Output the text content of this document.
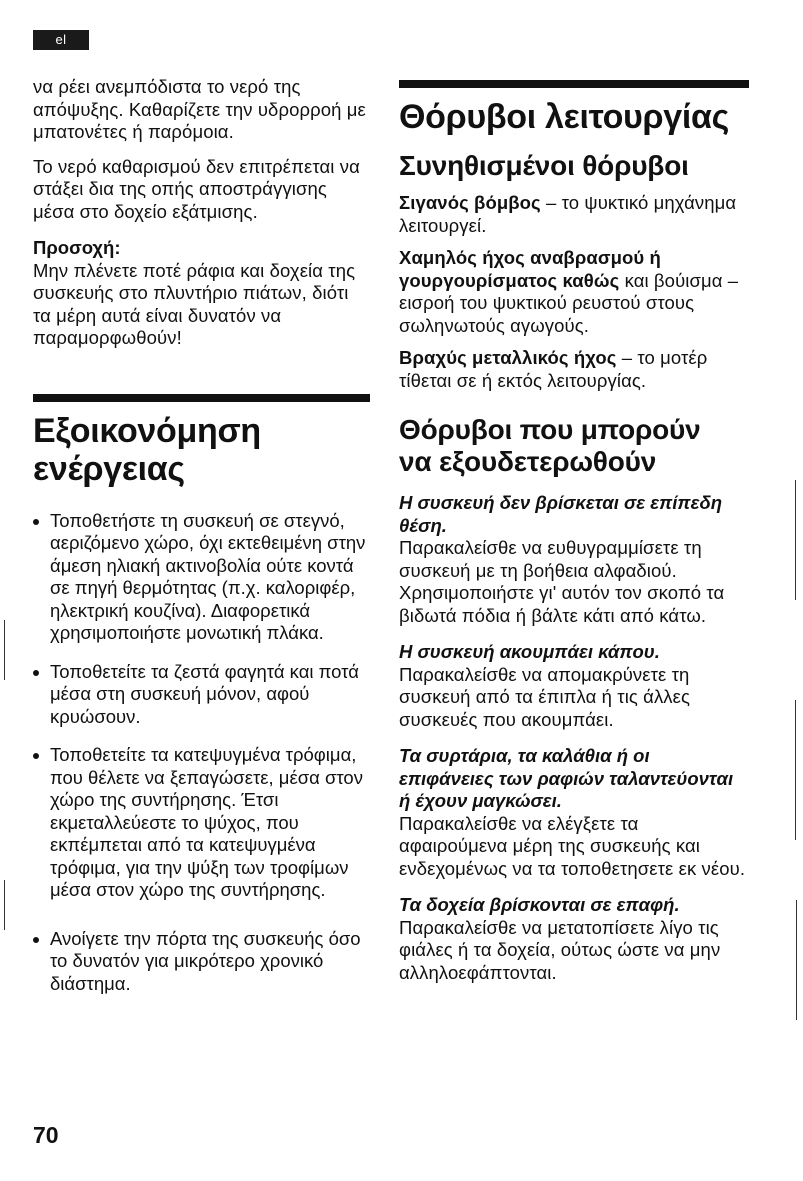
el

να ρέει ανεμπόδιστα το νερό της απόψυξης. Καθαρίζετε την υδρορροή με μπατονέτες ή παρόμοια.

Το νερό καθαρισμού δεν επιτρέπεται να στάξει δια της οπής αποστράγγισης μέσα στο δοχείο εξάτμισης.

Προσοχή:

Μην πλένετε ποτέ ράφια και δοχεία της συσκευής στο πλυντήριο πιάτων, διότι τα μέρη αυτά είναι δυνατόν να παραμορφωθούν!

Εξοικονόμηση
ενέργειας
Τοποθετήστε τη συσκευή σε στεγνό, αεριζόμενο χώρο, όχι εκτεθειμένη στην άμεση ηλιακή ακτινοβολία ούτε κοντά σε πηγή θερμότητας (π.χ. καλοριφέρ, ηλεκτρική κουζίνα). Διαφορετικά χρησιμοποιήστε μονωτική πλάκα.
Τοποθετείτε τα ζεστά φαγητά και ποτά μέσα στη συσκευή μόνον, αφού κρυώσουν.
Τοποθετείτε τα κατεψυγμένα τρόφιμα, που θέλετε να ξεπαγώσετε, μέσα στον χώρο της συντήρησης. Έτσι εκμεταλλεύεστε το ψύχος, που εκπέμπεται από τα κατεψυγμένα τρόφιμα, για την ψύξη των τροφίμων μέσα στον χώρο της συντήρησης.
Ανοίγετε την πόρτα της συσκευής όσο το δυνατόν για μικρότερο χρονικό διάστημα.
Θόρυβοι λειτουργίας
Συνηθισμένοι θόρυβοι

Σιγανός βόμβος – το ψυκτικό μηχάνημα λειτουργεί.

Χαμηλός ήχος αναβρασμού ή γουργουρίσματος καθώς και βούισμα – εισροή του ψυκτικού ρευστού στους σωληνωτούς αγωγούς.

Βραχύς μεταλλικός ήχος – το μοτέρ τίθεται σε ή εκτός λειτουργίας.

Θόρυβοι που μπορούν
να εξουδετερωθούν

Η συσκευή δεν βρίσκεται σε επίπεδη θέση.

Παρακαλείσθε να ευθυγραμμίσετε τη συσκευή με τη βοήθεια αλφαδιού. Χρησιμοποιήστε γι' αυτόν τον σκοπό τα βιδωτά πόδια ή βάλτε κάτι από κάτω.

Η συσκευή ακουμπάει κάπου.

Παρακαλείσθε να απομακρύνετε τη συσκευή από τα έπιπλα ή τις άλλες συσκευές που ακουμπάει.

Τα συρτάρια, τα καλάθια ή οι επιφάνειες των ραφιών ταλαντεύονται ή έχουν μαγκώσει.

Παρακαλείσθε να ελέγξετε τα αφαιρούμενα μέρη της συσκευής και ενδεχομένως να τα τοποθετησετε εκ νέου.

Τα δοχεία βρίσκονται σε επαφή.

Παρακαλείσθε να μετατοπίσετε λίγο τις φιάλες ή τα δοχεία, ούτως ώστε να μην αλληλοεφάπτονται.

70
